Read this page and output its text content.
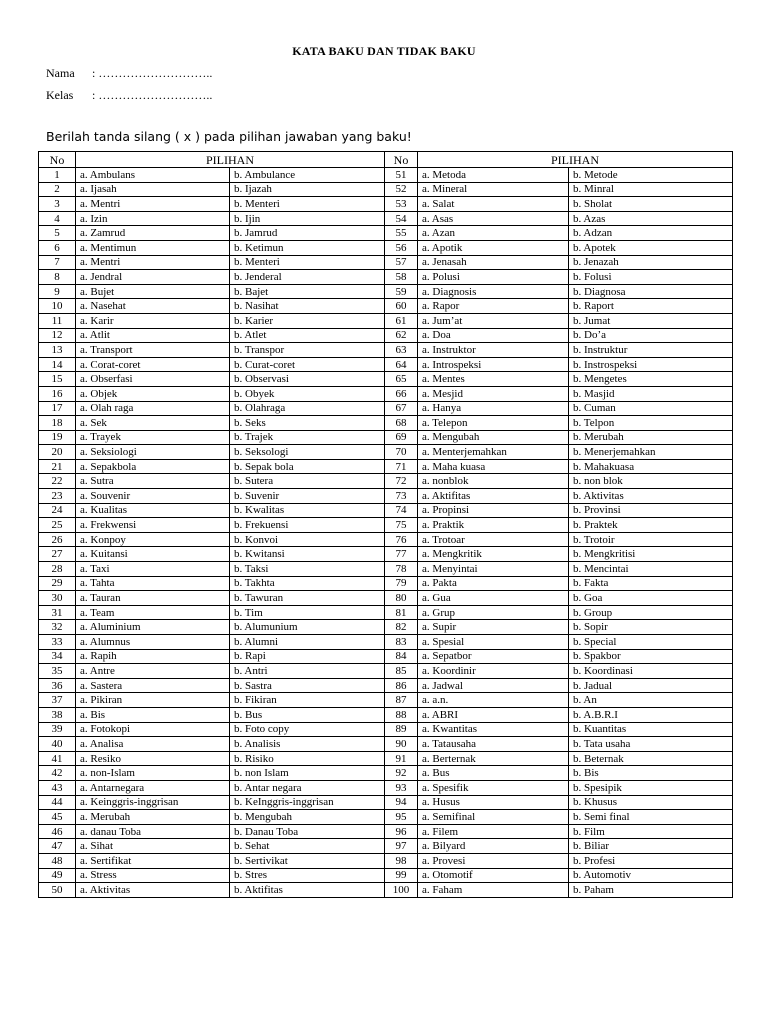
KATA BAKU DAN TIDAK BAKU
Nama : ………………………..
Kelas : ………………………..
Berilah tanda silang ( x ) pada pilihan jawaban yang baku!
No	PILIHAN		No	PILIHAN	
1	a. Ambulans	b. Ambulance	51	a. Metoda	b. Metode
2	a. Ijasah	b. Ijazah	52	a. Mineral	b. Minral
3	a. Mentri	b. Menteri	53	a. Salat	b. Sholat
4	a. Izin	b. Ijin	54	a. Asas	b. Azas
5	a. Zamrud	b. Jamrud	55	a. Azan	b. Adzan
6	a. Mentimun	b. Ketimun	56	a. Apotik	b. Apotek
7	a. Mentri	b. Menteri	57	a. Jenasah	b. Jenazah
8	a. Jendral	b. Jenderal	58	a. Polusi	b. Folusi
9	a. Bujet	b. Bajet	59	a. Diagnosis	b. Diagnosa
10	a. Nasehat	b. Nasihat	60	a. Rapor	b. Raport
11	a. Karir	b. Karier	61	a. Jum’at	b. Jumat
12	a. Atlit	b. Atlet	62	a. Doa	b. Do’a
13	a. Transport	b. Transpor	63	a. Instruktor	b. Instruktur
14	a. Corat-coret	b. Curat-coret	64	a. Introspeksi	b. Instrospeksi
15	a. Obserfasi	b. Observasi	65	a. Mentes	b. Mengetes
16	a. Objek	b. Obyek	66	a. Mesjid	b. Masjid
17	a. Olah raga	b. Olahraga	67	a. Hanya	b. Cuman
18	a. Sek	b. Seks	68	a. Telepon	b. Telpon
19	a. Trayek	b. Trajek	69	a. Mengubah	b. Merubah
20	a. Seksiologi	b. Seksologi	70	a. Menterjemahkan	b. Menerjemahkan
21	a. Sepakbola	b. Sepak bola	71	a. Maha kuasa	b. Mahakuasa
22	a. Sutra	b. Sutera	72	a. nonblok	b. non blok
23	a. Souvenir	b. Suvenir	73	a. Aktifitas	b. Aktivitas
24	a. Kualitas	b. Kwalitas	74	a. Propinsi	b. Provinsi
25	a. Frekwensi	b. Frekuensi	75	a. Praktik	b. Praktek
26	a. Konpoy	b. Konvoi	76	a. Trotoar	b. Trotoir
27	a. Kuitansi	b. Kwitansi	77	a. Mengkritik	b. Mengkritisi
28	a. Taxi	b. Taksi	78	a. Menyintai	b. Mencintai
29	a. Tahta	b. Takhta	79	a. Pakta	b. Fakta
30	a. Tauran	b. Tawuran	80	a. Gua	b. Goa
31	a. Team	b. Tim	81	a. Grup	b. Group
32	a. Aluminium	b. Alumunium	82	a. Supir	b. Sopir
33	a. Alumnus	b. Alumni	83	a. Spesial	b. Special
34	a. Rapih	b. Rapi	84	a. Sepatbor	b. Spakbor
35	a. Antre	b. Antri	85	a. Koordinir	b. Koordinasi
36	a. Sastera	b. Sastra	86	a. Jadwal	b. Jadual
37	a. Pikiran	b. Fikiran	87	a. a.n.	b. An
38	a. Bis	b. Bus	88	a. ABRI	b. A.B.R.I
39	a. Fotokopi	b. Foto copy	89	a. Kwantitas	b. Kuantitas
40	a. Analisa	b. Analisis	90	a. Tatausaha	b. Tata usaha
41	a. Resiko	b. Risiko	91	a. Berternak	b. Beternak
42	a. non-Islam	b. non Islam	92	a. Bus	b. Bis
43	a. Antarnegara	b. Antar negara	93	a. Spesifik	b. Spesipik
44	a. Keinggris-inggrisan	b. KeInggris-inggrisan	94	a. Husus	b. Khusus
45	a. Merubah	b. Mengubah	95	a. Semifinal	b. Semi final
46	a. danau Toba	b. Danau Toba	96	a. Filem	b. Film
47	a. Sihat	b. Sehat	97	a. Bilyard	b. Biliar
48	a. Sertifikat	b. Sertivikat	98	a. Provesi	b. Profesi
49	a. Stress	b. Stres	99	a. Otomotif	b. Automotiv
50	a. Aktivitas	b. Aktifitas	100	a. Faham	b. Paham
